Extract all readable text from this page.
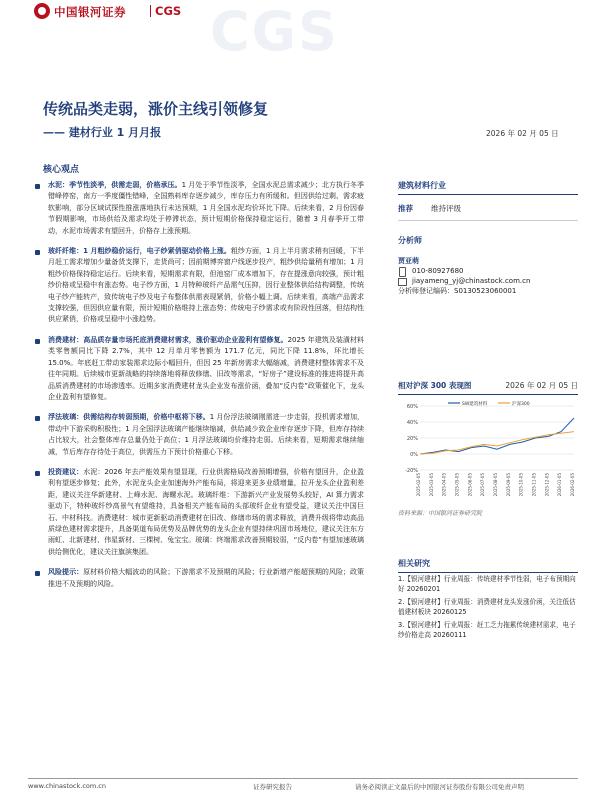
中国银河证券	CGS CGS
传统品类走弱，涨价主线引领修复
—— 建材行业 1 月月报	2026 年 02 月 05 日
核心观点
水泥：季节性淡季，供需走弱，价格承压。1 月处于季节性淡季，全国水泥总需求减少；北方执行冬季错峰停窑，南方一季度僵性错峰，全国熟料库存逐步减少，库存压力有所缓和。但因供给过剩、需求疲软影响，部分区域试探性推涨落地执行未达预期，1 月全国水泥均价环比下降。后续来看，2 月份因春节假期影响，市场供给及需求均处于停滞状态，预计短期价格保持稳定运行，随着 3 月春季开工带动，水泥市场需求有望回升，价格存上涨预期。
玻纤纤维：1 月粗纱稳价运行，电子纱紧俏驱动价格上涨。粗纱方面，1 月上半月需求稍有回暖，下半月赶工需求增加少量备货支撑下，走货尚可；因前期博弈窗户线逐步投产，粗纱供给量稍有增加；1 月粗纱价格保持稳定运行。后续来看，短期需求有限，但池窑厂成本增加下，存在提涨意向较强，预计粗纱价格或呈稳中有涨态势。电子纱方面，1 月特种玻纤产品需气压抑，因行业整体供给结构调整，传统电子纱产能转产，致传统电子纱及电子布整体供需表现紧俏，价格小幅上调。后续来看，高端产品需求支撑较强，但因供应量有限，预计短期价格维持上涨态势；传统电子纱需求或有阶段性回落，但结构性供应紧俏，价格或呈稳中小涨趋势。
消费建材：高品质存量市场托底消费建材需求，涨价驱动企业盈利有望修复。2025 年建筑及装潢材料类零售额同比下降 2.7%，其中 12 月单月零售额为 171.7 亿元，同比下降 11.8%，环比增长 15.0%。年底赶工带动家装需求边际小幅回升，但因 25 年新房需求大幅缩减，消费建材整体需求不及往年同期。后续城市更新战略的持续落地将释放修缮、旧改等需求，“好房子”建设标准的推进将提升高品质消费建材的市场渗透率。近期多家消费建材龙头企业发布涨价函，叠加“反内卷”政策催化下，龙头企业盈利有望修复。
浮法玻璃：供需结构存转弱预期，价格中枢将下移。1 月份浮法玻璃刚需进一步走弱，投机需求增加，带动中下游采购积极性；1 月全国浮法玻璃产能继续缩减，供给减少致企业库存逐步下降，但库存持续占比较大，社会整体库存总量仍处于高位；1 月浮法玻璃均价维持走弱。后续来看，短期需求继续缩减，节后库存存待处于高位，供需压力下预计价格重心下移。
投资建议：水泥：2026 年去产能效果有望显现，行业供需格局改善预期增强，价格有望回升，企业盈利有望逐步修复；此外，水泥龙头企业加速海外产能布局，将迎来更多业绩增量，拉开龙头企业盈利差距，建议关注华新建材、上峰水泥、海螺水泥。玻璃纤维：下游新兴产业发展势头较好，AI 算力需求驱动下，特种玻纤纱高景气有望维持，具备相关产能布局的头部玻纤企业有望受益，建议关注中国巨石、中材科技。消费建材：城市更新驱动消费建材在旧改、修缮市场的需求释放，消费升级将带动高品质绿色建材需求提升，具备渠道布局优势及品牌优势的龙头企业有望持续巩固市场地位，建议关注东方雨虹、北新建材、伟星新材、三棵树、兔宝宝。玻璃：终端需求改善预期较弱，“反内卷”有望加速玻璃供给侧优化，建议关注旗滨集团。
风险提示：原材料价格大幅波动的风险；下游需求不及预期的风险；行业新增产能超预期的风险；政策推进不及预期的风险。
建筑材料行业
推荐 维持评级
分析师
贾亚萌
010-80927680
jiayameng_yj@chinastock.com.cn
分析师登记编码：S0130523060001
相对沪深 300 表现图	2026 年 02 月 05 日
60%
40%
20%
0%
-20%
2025-02-05 2025-03-05 2025-04-05 2025-05-05 2025-06-05 2025-07-05 2025-08-05 2025-09-05 2025-10-05 2025-11-05 2025-12-05 2026-01-05 2026-02-05
SW建筑材料	沪深300
资料来源：中国银河证券研究院
相关研究
1.【银河建材】行业周报：传统建材季节性弱，电子布预期向好 20260201
2.【银河建材】行业周报：消费建材龙头发涨价函，关注低估值建材板块 20260125
3.【银河建材】行业周报：赶工乏力拖累传统建材需求，电子纱价格走高 20260111
www.chinastock.com.cn	证券研究报告	请务必阅读正文最后的中国银河证券股份有限公司免责声明
